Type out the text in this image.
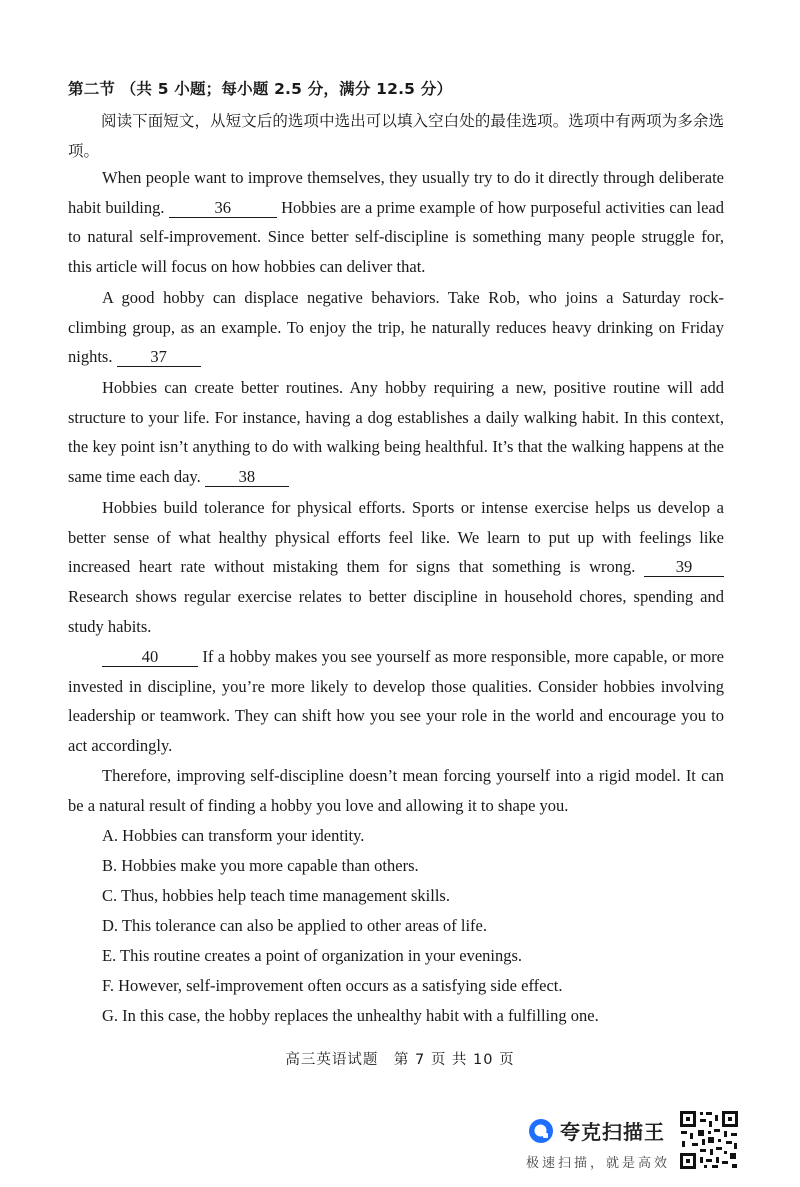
第二节 （共 5 小题；每小题 2.5 分，满分 12.5 分）
阅读下面短文，从短文后的选项中选出可以填入空白处的最佳选项。选项中有两项为多余选项。
When people want to improve themselves, they usually try to do it directly through deliberate habit building.	36	Hobbies are a prime example of how purposeful activities can lead to natural self-improvement. Since better self-discipline is something many people struggle for, this article will focus on how hobbies can deliver that.
A good hobby can displace negative behaviors. Take Rob, who joins a Saturday rock-climbing group, as an example. To enjoy the trip, he naturally reduces heavy drinking on Friday nights. 37
Hobbies can create better routines. Any hobby requiring a new, positive routine will add structure to your life. For instance, having a dog establishes a daily walking habit. In this context, the key point isn’t anything to do with walking being healthful. It’s that the walking happens at the same time each day. 38
Hobbies build tolerance for physical efforts. Sports or intense exercise helps us develop a better sense of what healthy physical efforts feel like. We learn to put up with feelings like increased heart rate without mistaking them for signs that something is wrong. 39 Research shows regular exercise relates to better discipline in household chores, spending and study habits.
40 If a hobby makes you see yourself as more responsible, more capable, or more invested in discipline, you’re more likely to develop those qualities. Consider hobbies involving leadership or teamwork. They can shift how you see your role in the world and encourage you to act accordingly.
Therefore, improving self-discipline doesn’t mean forcing yourself into a rigid model. It can be a natural result of finding a hobby you love and allowing it to shape you.
A. Hobbies can transform your identity.
B. Hobbies make you more capable than others.
C. Thus, hobbies help teach time management skills.
D. This tolerance can also be applied to other areas of life.
E. This routine creates a point of organization in your evenings.
F. However, self-improvement often occurs as a satisfying side effect.
G. In this case, the hobby replaces the unhealthy habit with a fulfilling one.
高三英语试题　第 7 页 共 10 页
夸克扫描王
极速扫描，就是高效
